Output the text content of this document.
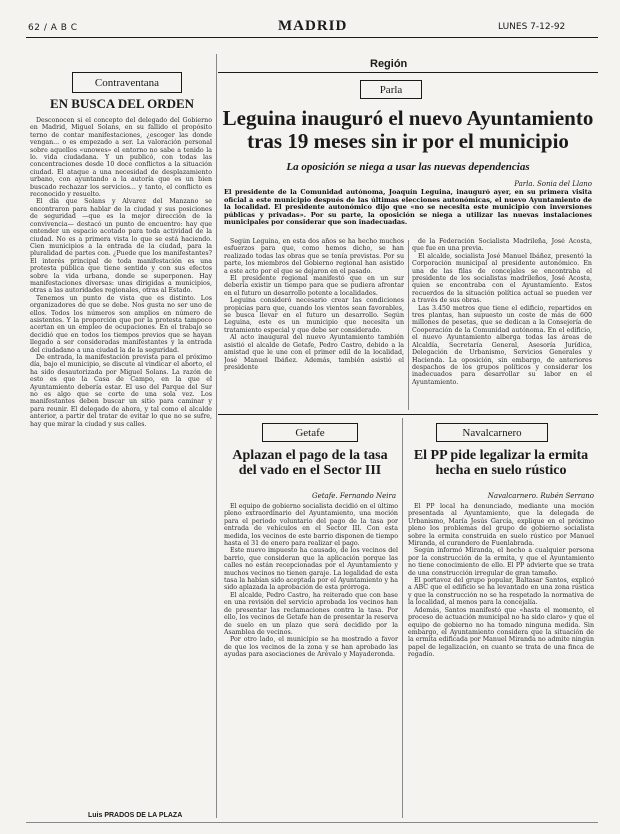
62 / A B C	MADRID	LUNES 7-12-92
Contraventana
EN BUSCA DEL ORDEN

Desconocen si el concepto del delegado del Gobierno en Madrid, Miguel Solans, en su fallido el propósito terno de contar manifestaciones, ¿escoger las donde vengan... o es empezado a ser. La valoración personal sobre aquellos «unowes» el entorno no sabe a tenido la lo. vida ciudadana. Y un publicó, con todas las concentraciones desde 10 doce conflictos a la situación ciudad. El ataque a una necesidad de desplazamiento urbano, con ayuntando a la autoría que es un bien buscado rechazar los servicios... y tanto, el conflicto es reconocido y resuelto.

El día que Solans y Alvarez del Manzano se encontraron para hablar de la ciudad y sus posiciones de seguridad —que es la mejor dirección de la convivencia— destacó un punto de encuentro: hay que entender un espacio acotado para toda actividad de la ciudad. No es a primera vista lo que se está haciendo. Cien municipios a la entrada de la ciudad, para la pluralidad de partes con. ¿Puede que los manifestantes? El interés principal de toda manifestación es una protesta pública que tiene sentido y con sus efectos sobre la vida urbana, donde se superponen. Hay manifestaciones diversas: unas dirigidas a municipios, otras a las autoridades regionales, otras al Estado.

Tenemos un punto de vista que es distinto. Los organizadores de que se debe. Nos gusta no ser uno de ellos. Todos los números son amplios en número de asistentes. Y la proporción que por la protesta tampoco acertan en un empleo de ocupaciones. En el trabajo se decidió que en todos los tiempos previos que se hayan llegado a ser consideradas manifestantes y la entrada del ciudadano a una ciudad la de la seguridad.

De entrada, la manifestación prevista para el próximo día, bajo el municipio, se discute al vindicar el aborto, el ha sido desautorizada por Miguel Solans. La razón de esto es que la Casa de Campo, en la que el Ayuntamiento debería estar. El uso del Parque del Sur no es algo que se corte de una sola vez. Los manifestantes deben buscar un sitio para caminar y para reunir. El delegado de ahora, y tal como el alcalde anterior, a partir del tratar de evitar lo que no se sufre, hay que mirar la ciudad y sus calles.

Luis PRADOS DE LA PLAZA
Región
Parla
Leguina inauguró el nuevo Ayuntamiento tras 19 meses sin ir por el municipio
La oposición se niega a usar las nuevas dependencias
Parla. Sonia del Llano
El presidente de la Comunidad autónoma, Joaquín Leguina, inauguró ayer, en su primera visita oficial a este municipio después de las últimas elecciones autonómicas, el nuevo Ayuntamiento de la localidad. El presidente autonómico dijo que «no se necesita este municipio con inversiones públicas y privadas». Por su parte, la oposición se niega a utilizar las nuevas instalaciones municipales por considerar que son inadecuadas.

Según Leguina, en esta dos años se ha hecho muchos esfuerzos para que, como hemos dicho, se han realizado todas las obras que se tenía previstas. Por su parte, los miembros del Gobierno regional han asistido a este acto por el que se dejaron en el pasado.

El presidente regional manifestó que en un sur debería existir un tiempo para que se pudiera afrontar en el futuro un desarrollo potente a localidades.

Leguina consideró necesario crear las condiciones propicias para que, cuando los vientos sean favorables, se busca llevar en el futuro un desarrollo. Según Leguina, este es un municipio que necesita un tratamiento especial y que debe ser considerado.

Al acto inaugural del nuevo Ayuntamiento también asistió el alcalde de Getafe, Pedro Castro, debido a la amistad que le une con el primer edil de la localidad, José Manuel Ibáñez. Además, también asistió el presidente

de la Federación Socialista Madrileña, José Acosta, que fue en una previa.

El alcalde, socialista José Manuel Ibáñez, presentó la Corporación municipal al presidente autonómico. En una de las filas de concejales se encontraba el presidente de los socialistas madrileños, José Acosta, quien se encontraba con el Ayuntamiento. Estos recuerdos de la situación política actual se pueden ver a través de sus obras.

Las 3.450 metros que tiene el edificio, repartidos en tres plantas, han supuesto un coste de más de 600 millones de pesetas, que se dedican a la Consejería de Cooperación de la Comunidad autónoma. En el edificio, el nuevo Ayuntamiento alberga todas las áreas de Alcaldía, Secretaría General, Asesoría Jurídica, Delegación de Urbanismo, Servicios Generales y Hacienda. La oposición, sin embargo, de anteriores despachos de los grupos políticos y considerar los inadecuados para desarrollar su labor en el Ayuntamiento.

Getafe
Aplazan el pago de la tasa del vado en el Sector III
Getafe. Fernando Neira

El equipo de gobierno socialista decidió en el último pleno extraordinario del Ayuntamiento, una moción para el periodo voluntario del pago de la tasa por entrada de vehículos en el Sector III. Con esta medida, los vecinos de este barrio disponen de tiempo hasta el 31 de enero para realizar el pago.

Este nuevo impuesto ha causado, de los vecinos del barrio, que consideran que la aplicación porque las calles no están recepcionadas por el Ayuntamiento y muchos vecinos no tienen garaje. La legalidad de esta tasa la habían sido aceptada por el Ayuntamiento y ha sido aplazada la aprobación de esta prórroga.

El alcalde, Pedro Castro, ha reiterado que con base en una revisión del servicio aprobada los vecinos han de presentar las reclamaciones contra la tasa. Por ello, los vecinos de Getafe han de presentar la reserva de suelo en un plazo que será decidido por la Asamblea de vecinos.

Por otro lado, el municipio se ha mostrado a favor de que los vecinos de la zona y se han aprobado las ayudas para asociaciones de Arévalo y Mayaderonda.

Navalcarnero
El PP pide legalizar la ermita hecha en suelo rústico
Navalcarnero. Rubén Serrano

El PP local ha denunciado, mediante una moción presentada al Ayuntamiento, que la delegada de Urbanismo, María Jesús García, explique en el próximo pleno los problemas del grupo de gobierno socialista sobre la ermita construida en suelo rústico por Manuel Miranda, el curandero de Fuenlabrada.

Según informó Miranda, el hecho a cualquier persona por la construcción de la ermita, y que el Ayuntamiento no tiene conocimiento de ello. El PP advierte que se trata de una construcción irregular de gran tamaño.

El portavoz del grupo popular, Baltasar Santos, explicó a ABC que el edificio se ha levantado en una zona rústica y que la construcción no se ha respetado la normativa de la localidad, al menos para la concejalía.

Además, Santos manifestó que «hasta el momento, el proceso de actuación municipal no ha sido claro» y que el equipo de gobierno no ha tomado ninguna medida. Sin embargo, el Ayuntamiento considera que la situación de la ermita edificada por Manuel Miranda no admite ningún papel de legalización, en cuanto se trata de una finca de regadío.
